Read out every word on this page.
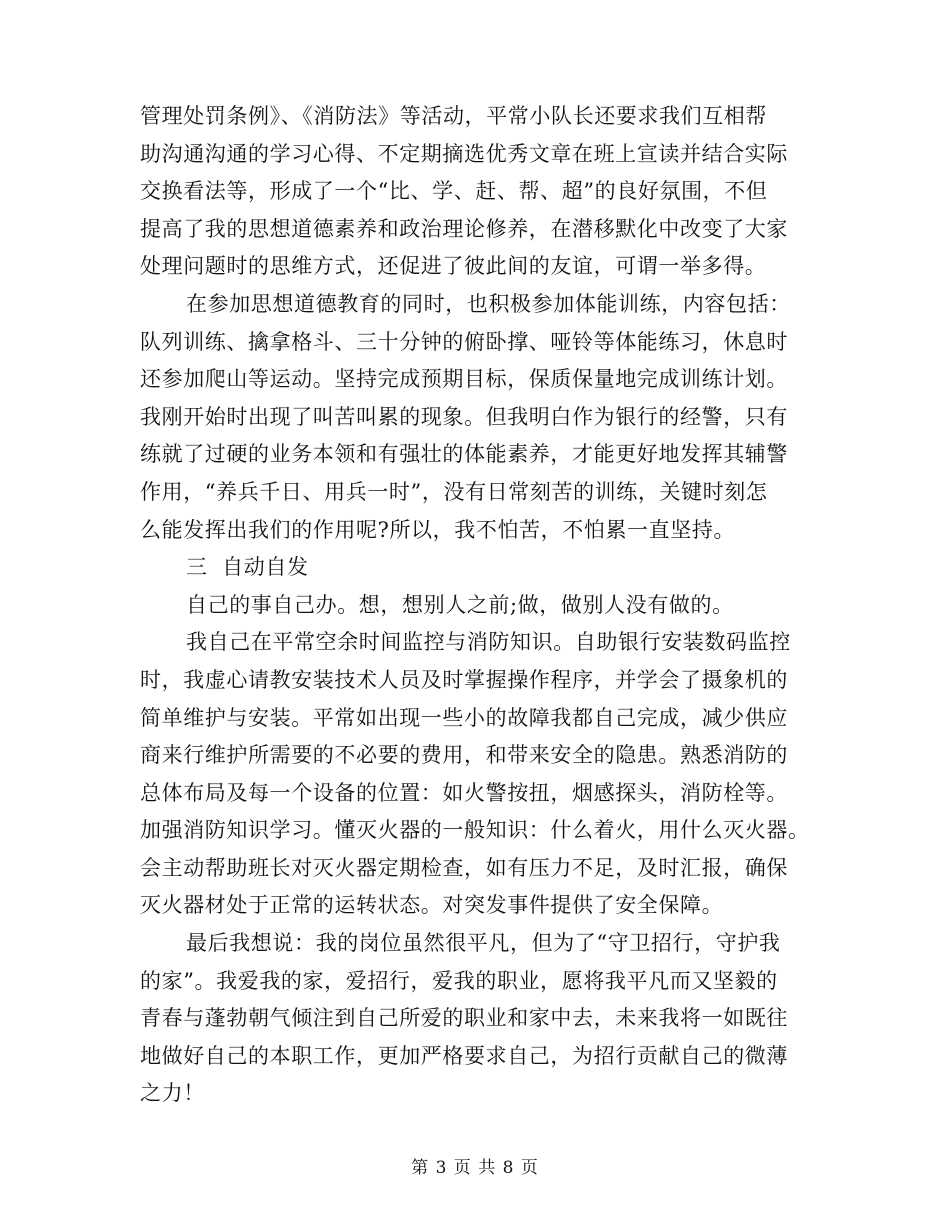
管理处罚条例》、《消防法》等活动，平常小队长还要求我们互相帮
助沟通沟通的学习心得、不定期摘选优秀文章在班上宣读并结合实际
交换看法等，形成了一个“比、学、赶、帮、超”的良好氛围，不但
提高了我的思想道德素养和政治理论修养，在潜移默化中改变了大家
处理问题时的思维方式，还促进了彼此间的友谊，可谓一举多得。

在参加思想道德教育的同时，也积极参加体能训练，内容包括：
队列训练、擒拿格斗、三十分钟的俯卧撑、哑铃等体能练习，休息时
还参加爬山等运动。坚持完成预期目标，保质保量地完成训练计划。
我刚开始时出现了叫苦叫累的现象。但我明白作为银行的经警，只有
练就了过硬的业务本领和有强壮的体能素养，才能更好地发挥其辅警
作用，“养兵千日、用兵一时”，没有日常刻苦的训练，关键时刻怎
么能发挥出我们的作用呢?所以，我不怕苦，不怕累一直坚持。

三  自动自发

自己的事自己办。想，想别人之前;做，做别人没有做的。

我自己在平常空余时间监控与消防知识。自助银行安装数码监控
时，我虚心请教安装技术人员及时掌握操作程序，并学会了摄象机的
简单维护与安装。平常如出现一些小的故障我都自己完成，减少供应
商来行维护所需要的不必要的费用，和带来安全的隐患。熟悉消防的
总体布局及每一个设备的位置：如火警按扭，烟感探头，消防栓等。
加强消防知识学习。懂灭火器的一般知识：什么着火，用什么灭火器。
会主动帮助班长对灭火器定期检查，如有压力不足，及时汇报，确保
灭火器材处于正常的运转状态。对突发事件提供了安全保障。

最后我想说：我的岗位虽然很平凡，但为了“守卫招行，守护我
的家”。我爱我的家，爱招行，爱我的职业，愿将我平凡而又坚毅的
青春与蓬勃朝气倾注到自己所爱的职业和家中去，未来我将一如既往
地做好自己的本职工作，更加严格要求自己，为招行贡献自己的微薄
之力！

第 3 页 共 8 页
